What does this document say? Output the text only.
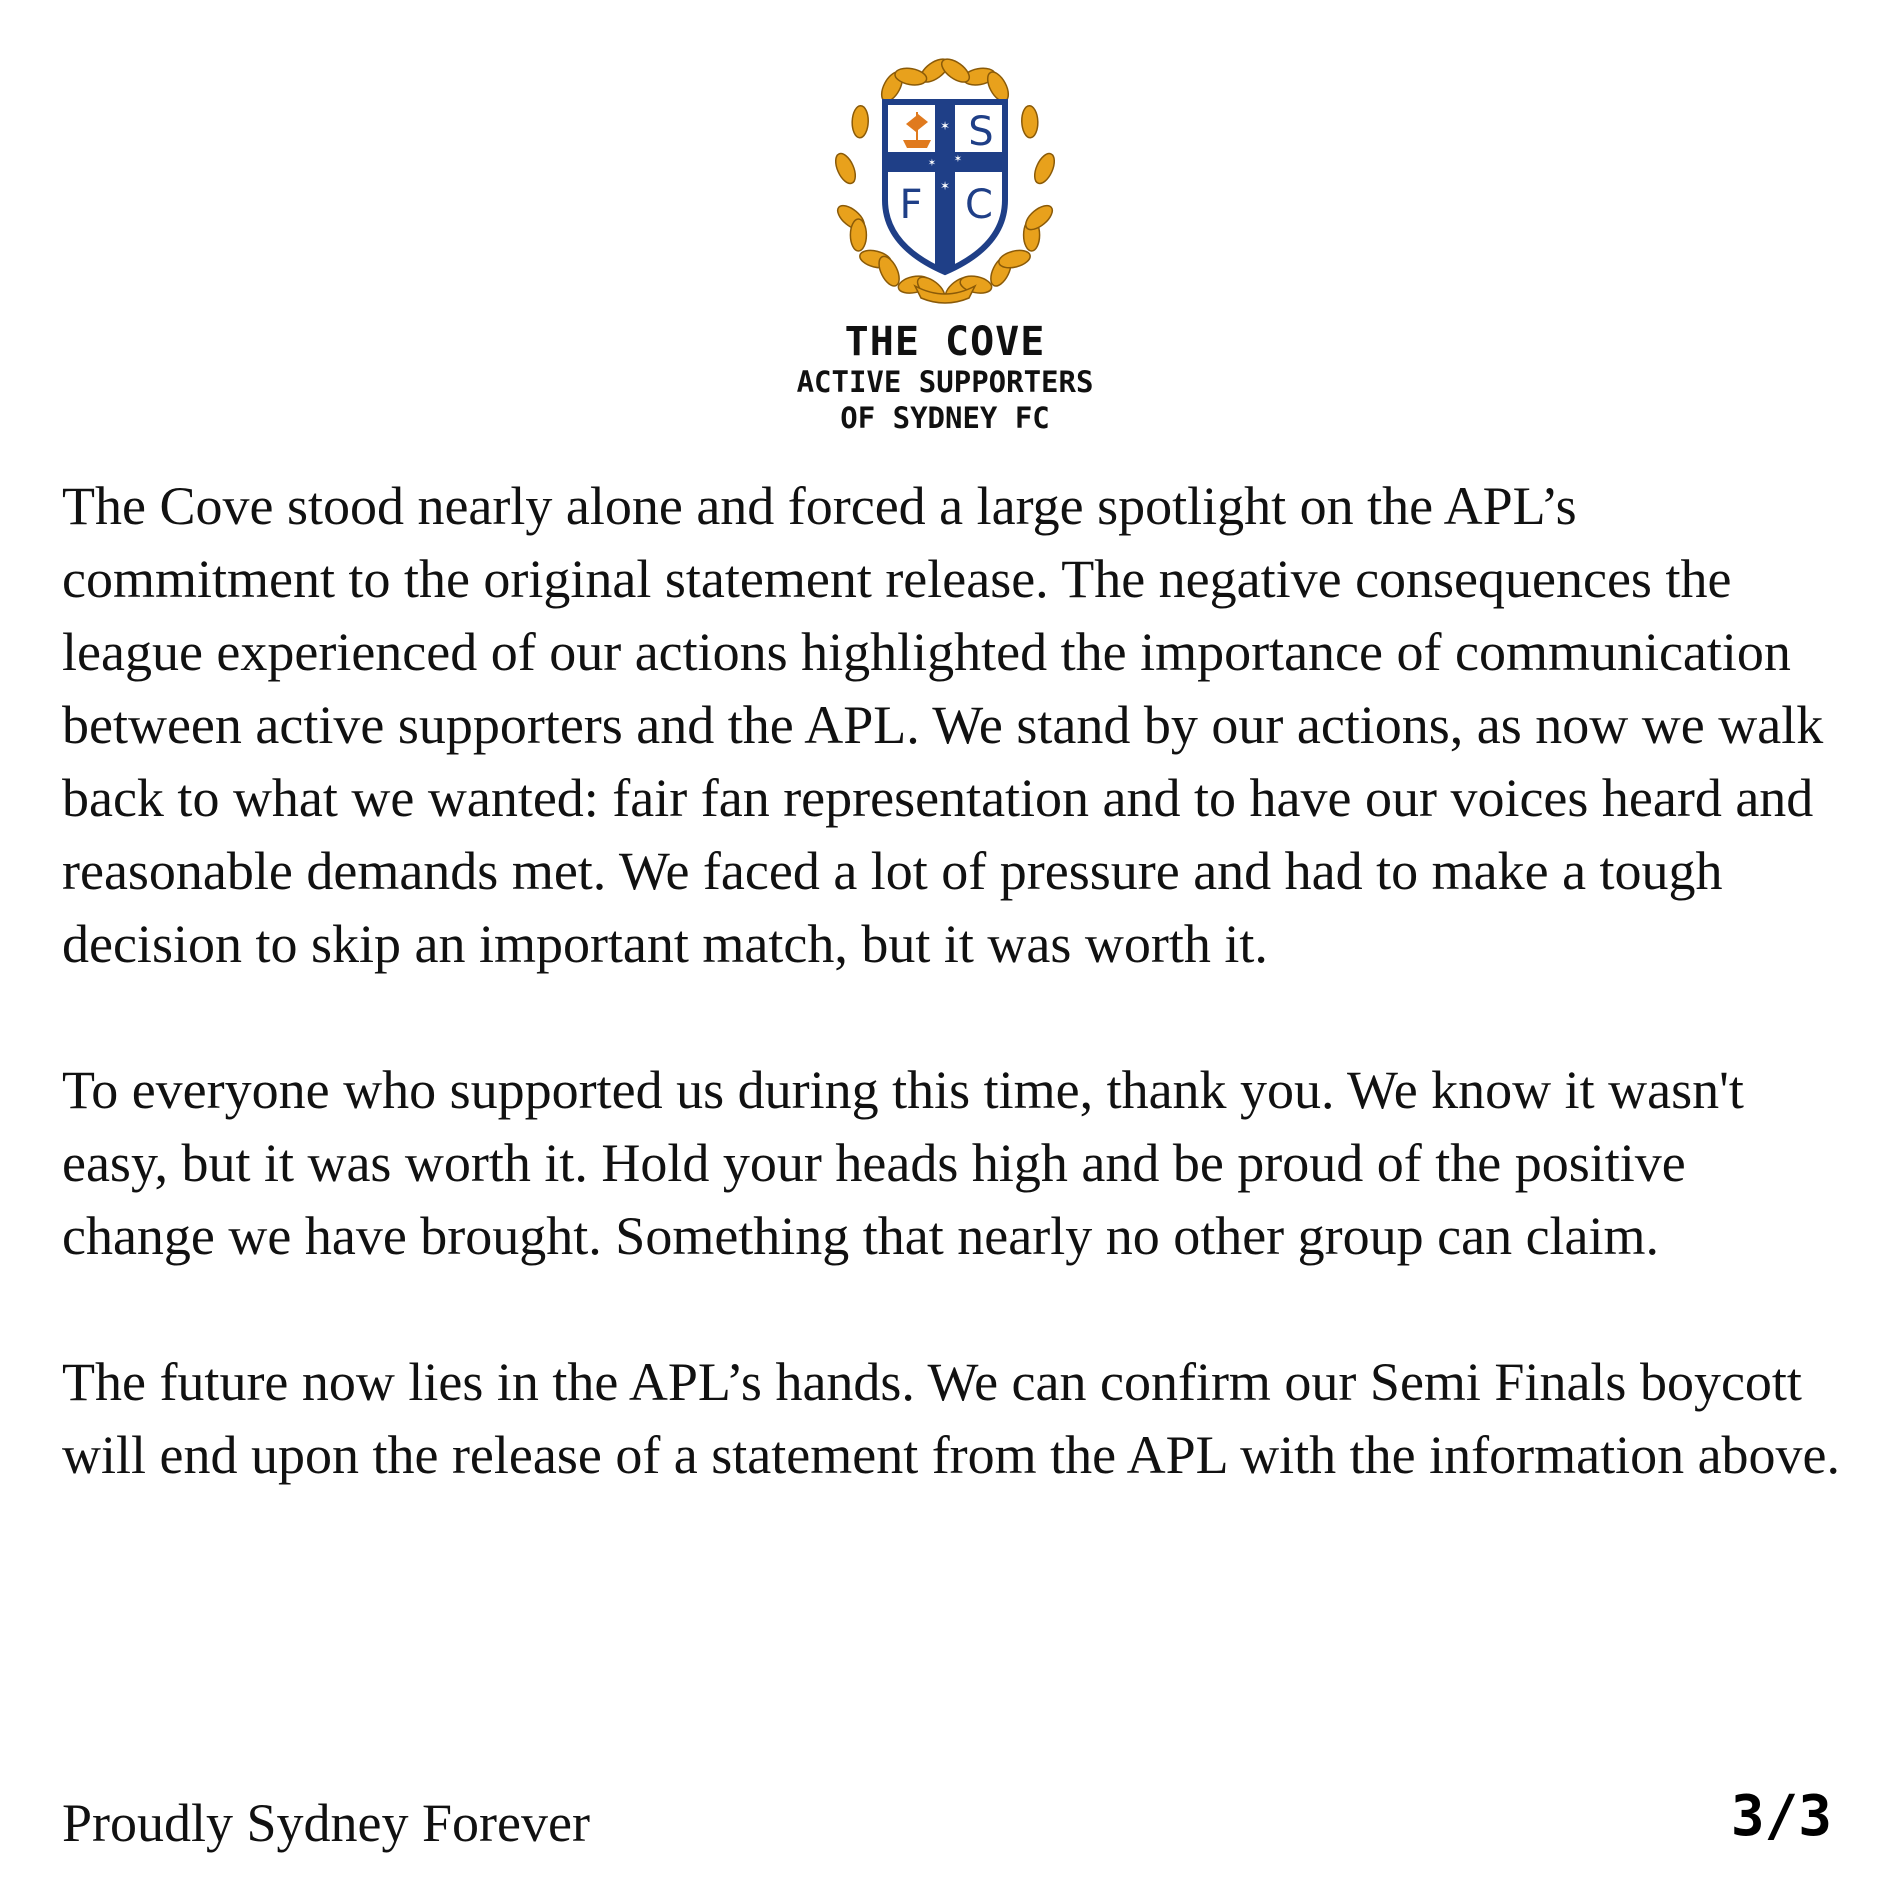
✶
✶ ✶
✶
S
F C
THE COVE
ACTIVE SUPPORTERS
OF SYDNEY FC

The Cove stood nearly alone and forced a large spotlight on the APL’s commitment to the original statement release. The negative consequences the league experienced of our actions highlighted the importance of communication between active supporters and the APL. We stand by our actions, as now we walk back to what we wanted: fair fan representation and to have our voices heard and reasonable demands met. We faced a lot of pressure and had to make a tough decision to skip an important match, but it was worth it.

To everyone who supported us during this time, thank you. We know it wasn't easy, but it was worth it. Hold your heads high and be proud of the positive change we have brought. Something that nearly no other group can claim.

The future now lies in the APL’s hands. We can confirm our Semi Finals boycott will end upon the release of a statement from the APL with the information above.

Proudly Sydney Forever	3/3
